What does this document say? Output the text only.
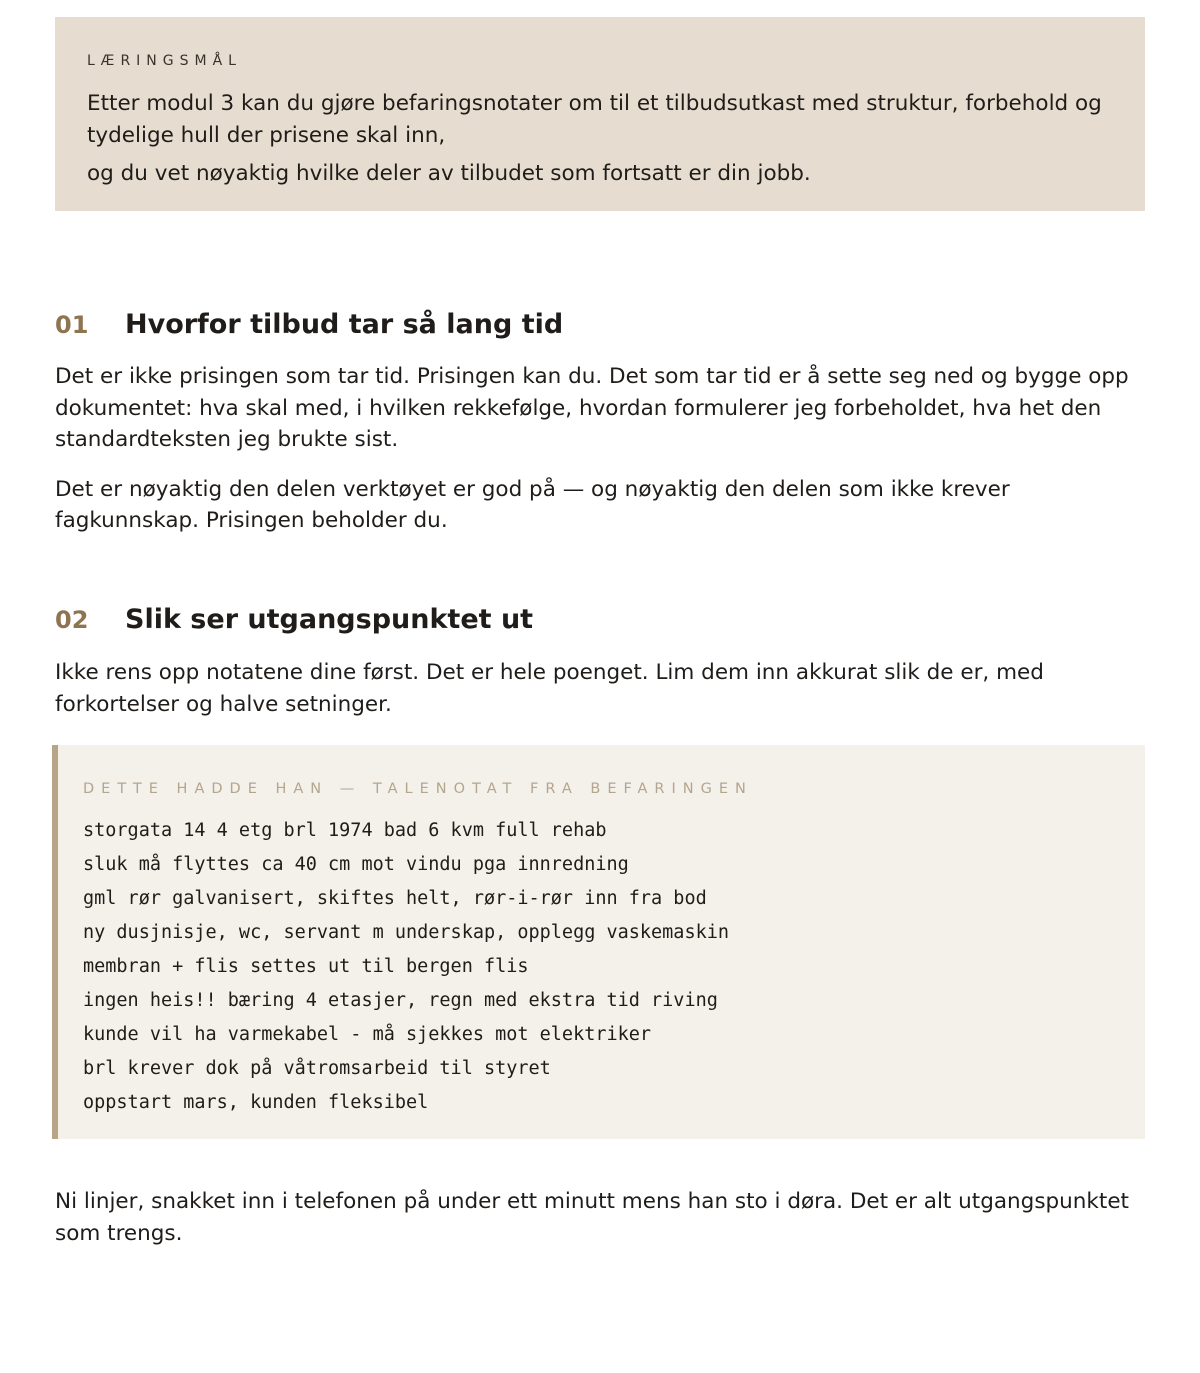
LÆRINGSMÅL

Etter modul 3 kan du gjøre befaringsnotater om til et tilbudsutkast med struktur, forbehold og tydelige hull der prisene skal inn,

og du vet nøyaktig hvilke deler av tilbudet som fortsatt er din jobb.

01	Hvorfor tilbud tar så lang tid

Det er ikke prisingen som tar tid. Prisingen kan du. Det som tar tid er å sette seg ned og bygge opp dokumentet: hva skal med, i hvilken rekkefølge, hvordan formulerer jeg forbeholdet, hva het den standardteksten jeg brukte sist.

Det er nøyaktig den delen verktøyet er god på — og nøyaktig den delen som ikke krever fagkunnskap. Prisingen beholder du.

02	Slik ser utgangspunktet ut

Ikke rens opp notatene dine først. Det er hele poenget. Lim dem inn akkurat slik de er, med forkortelser og halve setninger.

DETTE HADDE HAN — TALENOTAT FRA BEFARINGEN

storgata 14 4 etg brl 1974 bad 6 kvm full rehab
sluk må flyttes ca 40 cm mot vindu pga innredning
gml rør galvanisert, skiftes helt, rør-i-rør inn fra bod
ny dusjnisje, wc, servant m underskap, opplegg vaskemaskin
membran + flis settes ut til bergen flis
ingen heis!! bæring 4 etasjer, regn med ekstra tid riving
kunde vil ha varmekabel - må sjekkes mot elektriker
brl krever dok på våtromsarbeid til styret
oppstart mars, kunden fleksibel

Ni linjer, snakket inn i telefonen på under ett minutt mens han sto i døra. Det er alt utgangspunktet som trengs.
